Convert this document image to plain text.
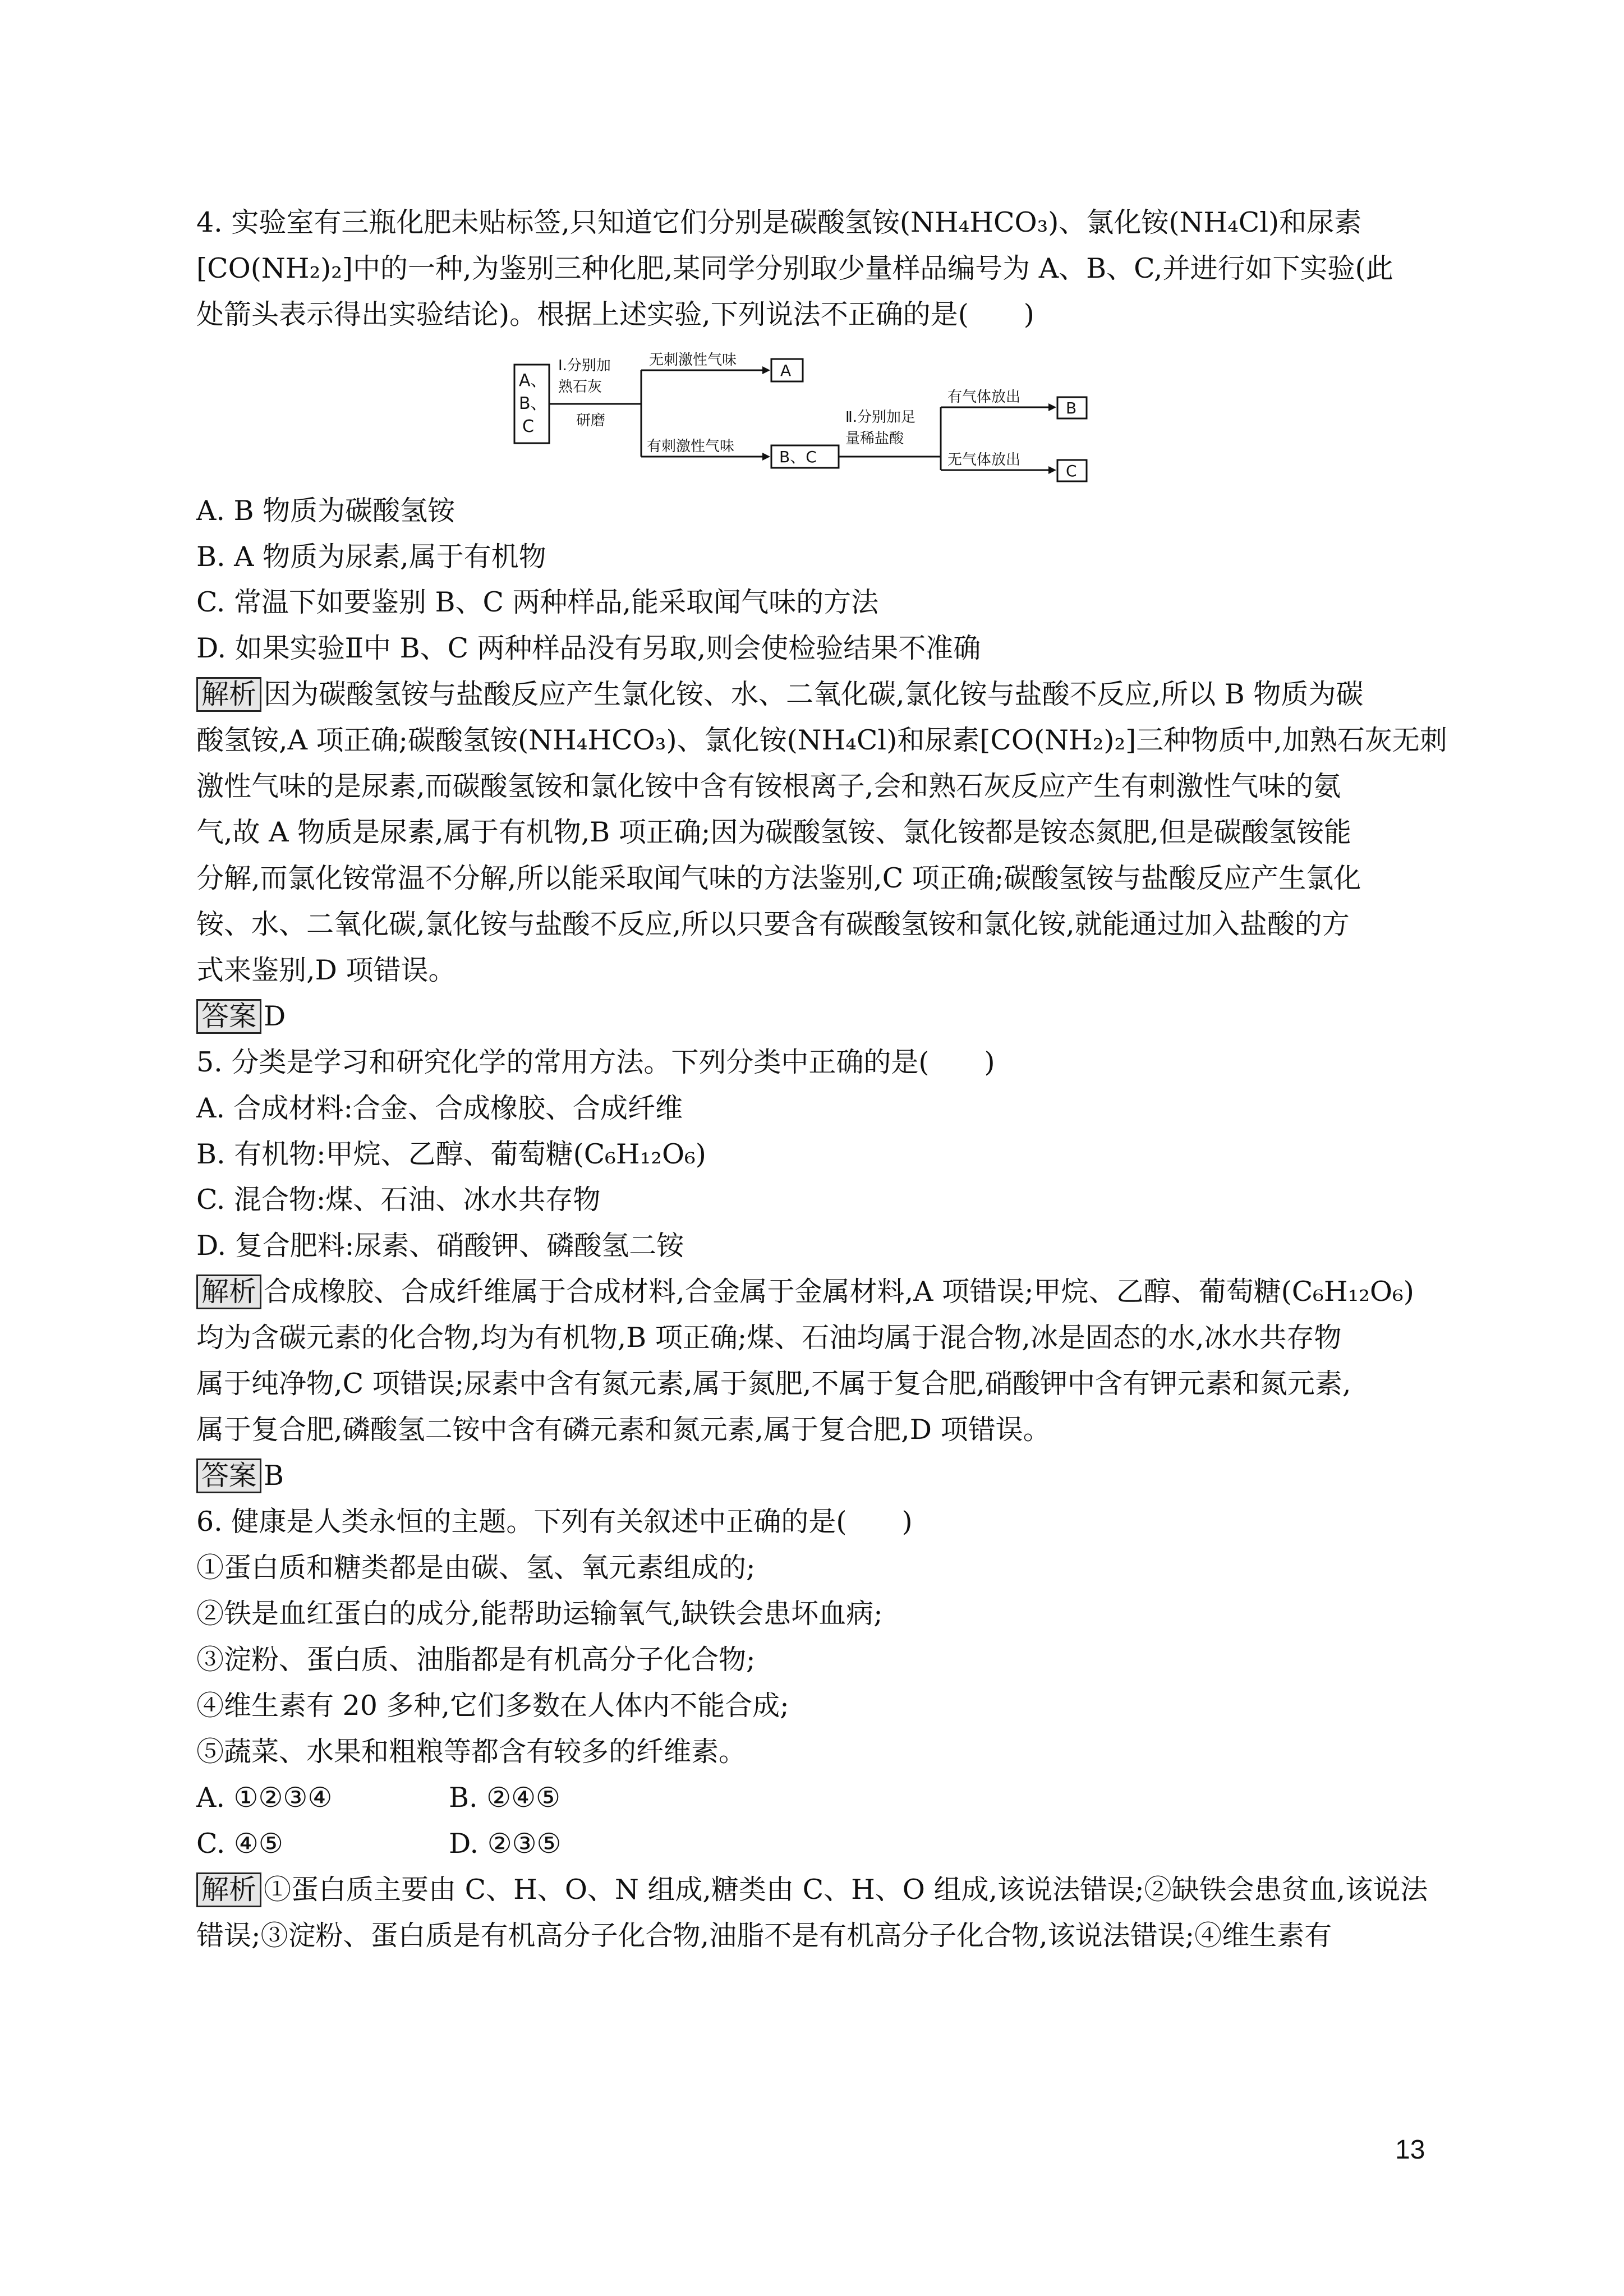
4. 实验室有三瓶化肥未贴标签,只知道它们分别是碳酸氢铵(NH₄HCO₃)、氯化铵(NH₄Cl)和尿素
[CO(NH₂)₂]中的一种,为鉴别三种化肥,某同学分别取少量样品编号为 A、B、C,并进行如下实验(此
处箭头表示得出实验结论)。根据上述实验,下列说法不正确的是(　　)
A、
B、
C
Ⅰ.分别加
熟石灰
研磨
无刺激性气味
A
有刺激性气味
B、C
Ⅱ.分别加足
量稀盐酸
有气体放出
B
无气体放出
C
A. B 物质为碳酸氢铵
B. A 物质为尿素,属于有机物
C. 常温下如要鉴别 B、C 两种样品,能采取闻气味的方法
D. 如果实验Ⅱ中 B、C 两种样品没有另取,则会使检验结果不准确
解析 因为碳酸氢铵与盐酸反应产生氯化铵、水、二氧化碳,氯化铵与盐酸不反应,所以 B 物质为碳
酸氢铵,A 项正确;碳酸氢铵(NH₄HCO₃)、氯化铵(NH₄Cl)和尿素[CO(NH₂)₂]三种物质中,加熟石灰无刺
激性气味的是尿素,而碳酸氢铵和氯化铵中含有铵根离子,会和熟石灰反应产生有刺激性气味的氨
气,故 A 物质是尿素,属于有机物,B 项正确;因为碳酸氢铵、氯化铵都是铵态氮肥,但是碳酸氢铵能
分解,而氯化铵常温不分解,所以能采取闻气味的方法鉴别,C 项正确;碳酸氢铵与盐酸反应产生氯化
铵、水、二氧化碳,氯化铵与盐酸不反应,所以只要含有碳酸氢铵和氯化铵,就能通过加入盐酸的方
式来鉴别,D 项错误。
答案 D
5. 分类是学习和研究化学的常用方法。下列分类中正确的是(　　)
A. 合成材料:合金、合成橡胶、合成纤维
B. 有机物:甲烷、乙醇、葡萄糖(C₆H₁₂O₆)
C. 混合物:煤、石油、冰水共存物
D. 复合肥料:尿素、硝酸钾、磷酸氢二铵
解析 合成橡胶、合成纤维属于合成材料,合金属于金属材料,A 项错误;甲烷、乙醇、葡萄糖(C₆H₁₂O₆)
均为含碳元素的化合物,均为有机物,B 项正确;煤、石油均属于混合物,冰是固态的水,冰水共存物
属于纯净物,C 项错误;尿素中含有氮元素,属于氮肥,不属于复合肥,硝酸钾中含有钾元素和氮元素,
属于复合肥,磷酸氢二铵中含有磷元素和氮元素,属于复合肥,D 项错误。
答案 B
6. 健康是人类永恒的主题。下列有关叙述中正确的是(　　)
①蛋白质和糖类都是由碳、氢、氧元素组成的;
②铁是血红蛋白的成分,能帮助运输氧气,缺铁会患坏血病;
③淀粉、蛋白质、油脂都是有机高分子化合物;
④维生素有 20 多种,它们多数在人体内不能合成;
⑤蔬菜、水果和粗粮等都含有较多的纤维素。
A. ①②③④	B. ②④⑤
C. ④⑤	D. ②③⑤
解析 ①蛋白质主要由 C、H、O、N 组成,糖类由 C、H、O 组成,该说法错误;②缺铁会患贫血,该说法
错误;③淀粉、蛋白质是有机高分子化合物,油脂不是有机高分子化合物,该说法错误;④维生素有
13
